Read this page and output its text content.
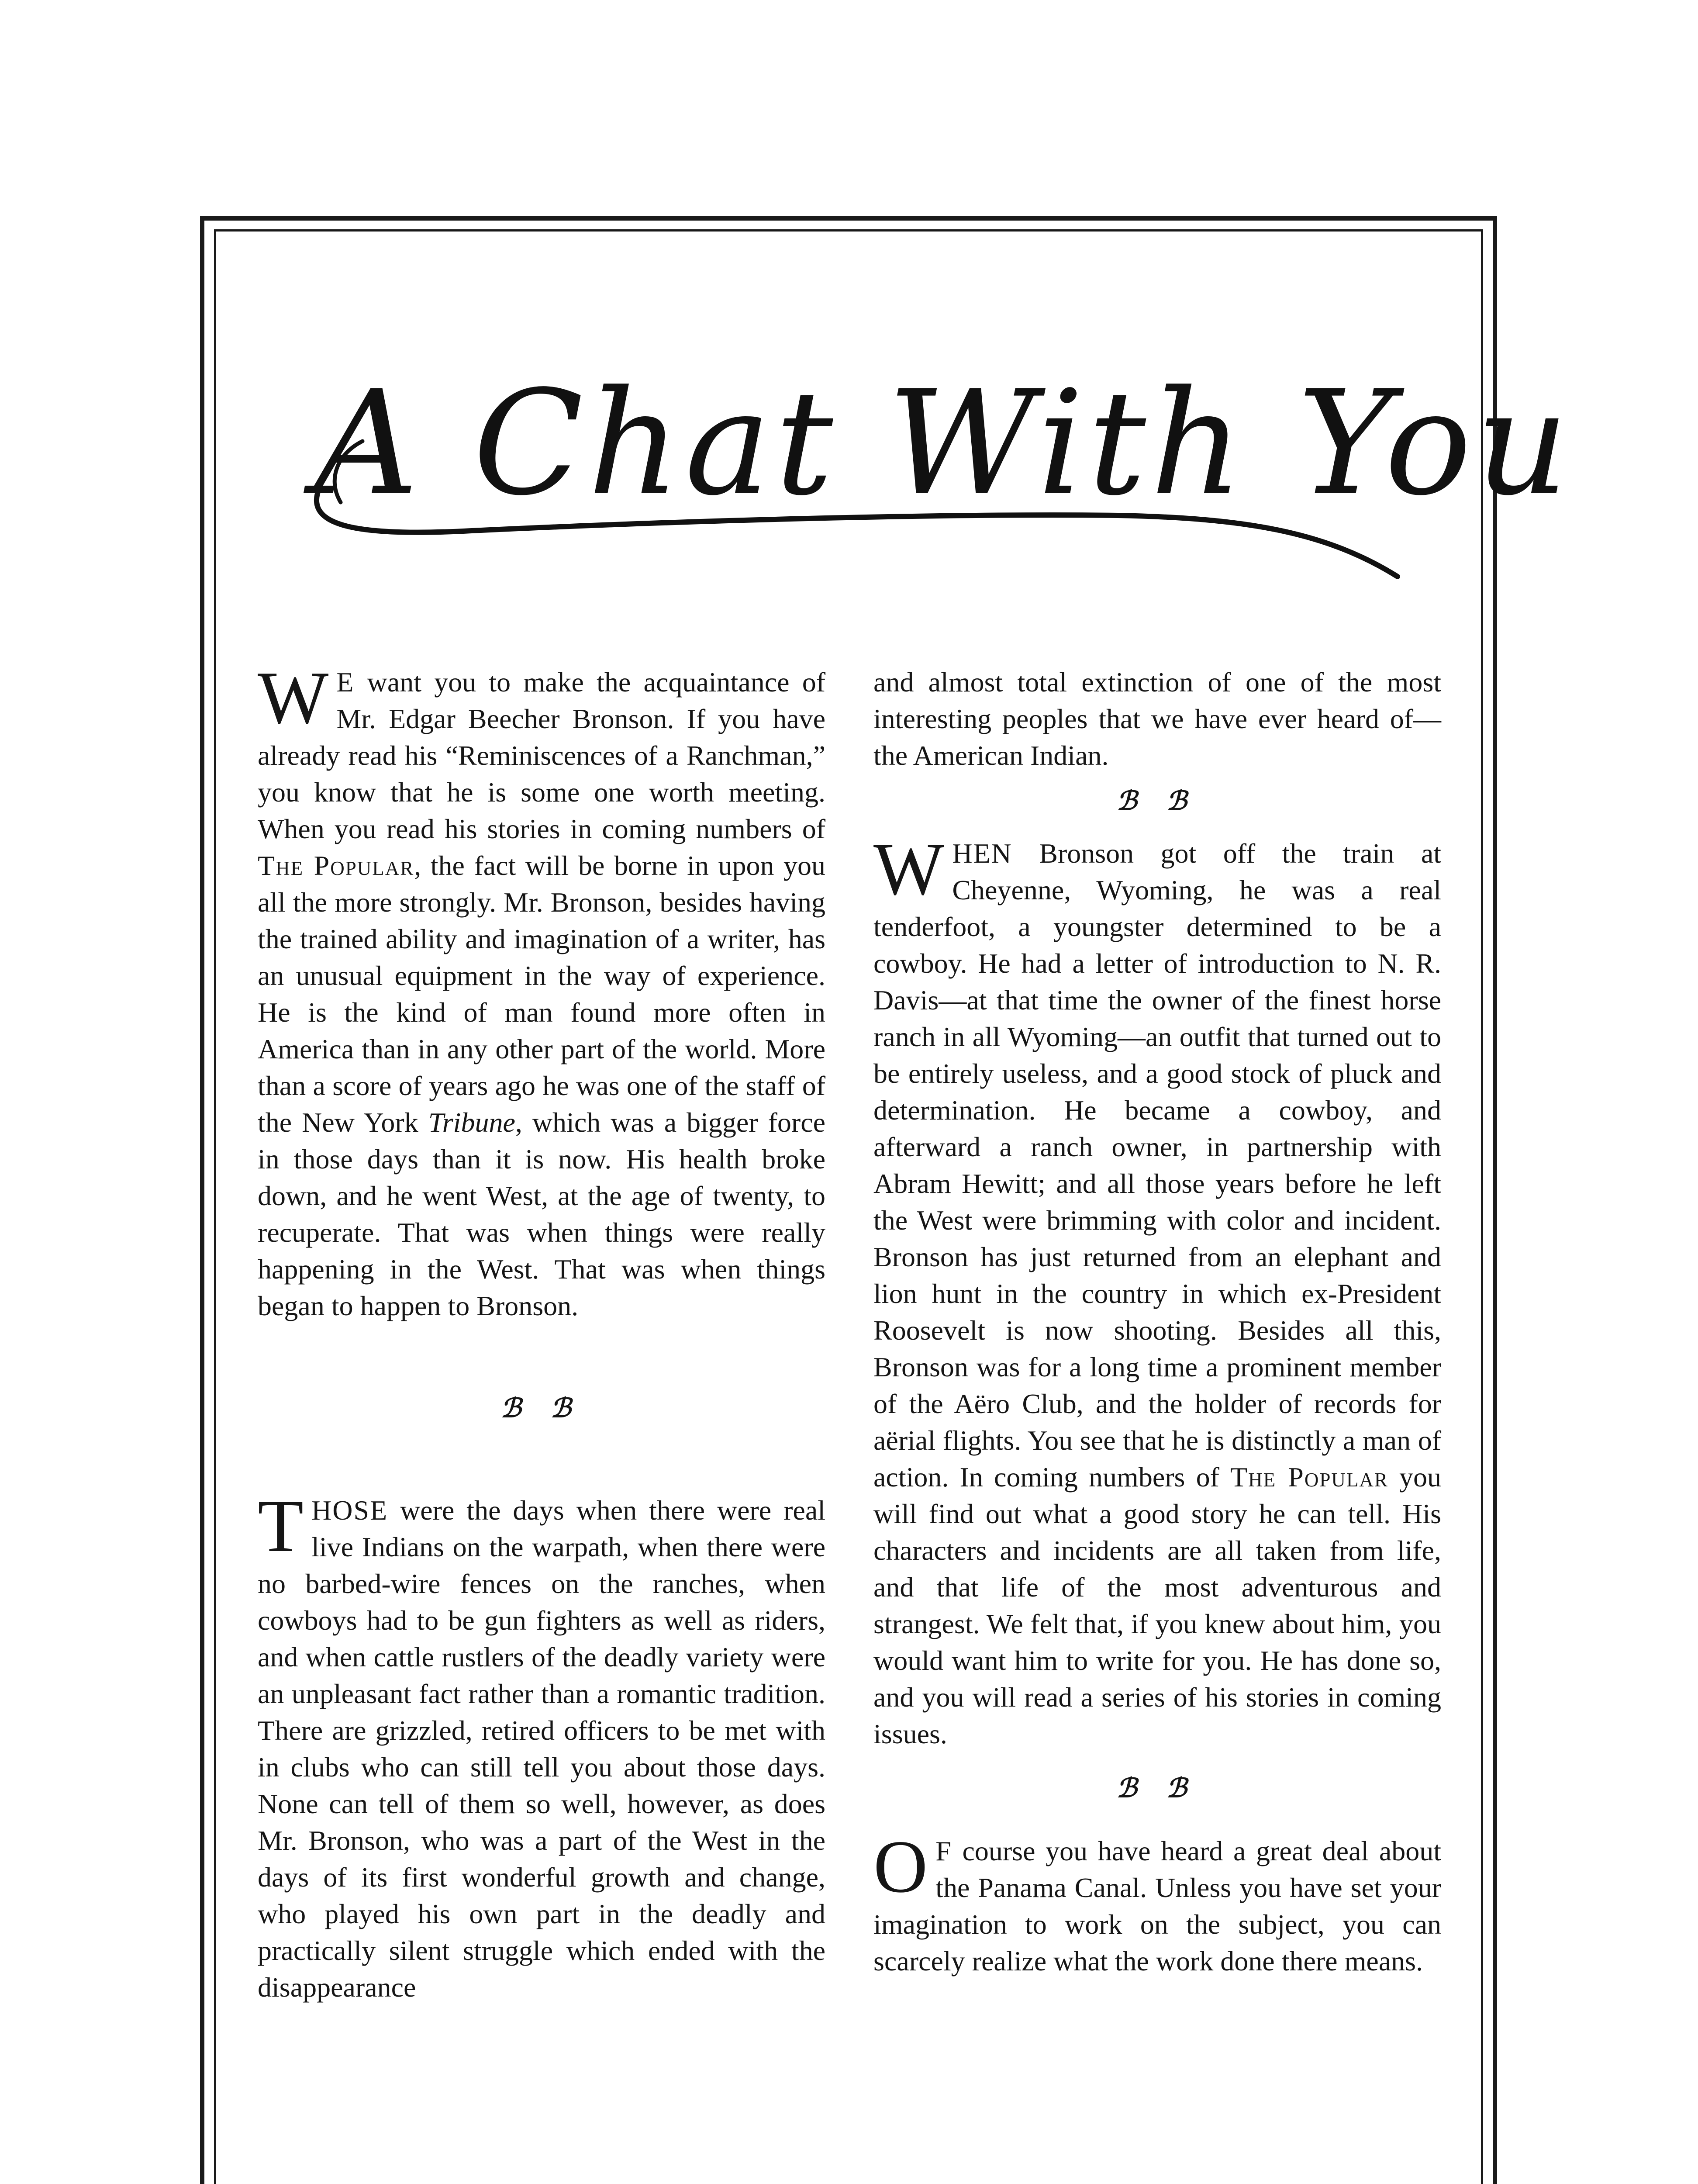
A Chat With You

W E want you to make the acquaintance of Mr. Edgar Beecher Bronson. If you have already read his “Reminiscences of a Ranchman,” you know that he is some one worth meeting. When you read his stories in coming numbers of The Popular, the fact will be borne in upon you all the more strongly. Mr. Bronson, besides having the trained ability and imagination of a writer, has an unusual equipment in the way of experience. He is the kind of man found more often in America than in any other part of the world. More than a score of years ago he was one of the staff of the New York Tribune, which was a bigger force in those days than it is now. His health broke down, and he went West, at the age of twenty, to recuperate. That was when things were really happening in the West. That was when things began to happen to Bronson.

ℬ ℬ

THOSE were the days when there were real live Indians on the warpath, when there were no barbed-wire fences on the ranches, when cowboys had to be gun fighters as well as riders, and when cattle rustlers of the deadly variety were an unpleasant fact rather than a romantic tradition. There are grizzled, retired officers to be met with in clubs who can still tell you about those days. None can tell of them so well, however, as does Mr. Bronson, who was a part of the West in the days of its first wonderful growth and change, who played his own part in the deadly and practically silent struggle which ended with the disappearance

and almost total extinction of one of the most interesting peoples that we have ever heard of—the American Indian.

ℬ ℬ

WHEN Bronson got off the train at Cheyenne, Wyoming, he was a real tenderfoot, a youngster determined to be a cowboy. He had a letter of introduction to N. R. Davis—at that time the owner of the finest horse ranch in all Wyoming—an outfit that turned out to be entirely useless, and a good stock of pluck and determination. He became a cowboy, and afterward a ranch owner, in partnership with Abram Hewitt; and all those years before he left the West were brimming with color and incident. Bronson has just returned from an elephant and lion hunt in the country in which ex-President Roosevelt is now shooting. Besides all this, Bronson was for a long time a prominent member of the Aëro Club, and the holder of records for aërial flights. You see that he is distinctly a man of action. In coming numbers of The Popular you will find out what a good story he can tell. His characters and incidents are all taken from life, and that life of the most adventurous and strangest. We felt that, if you knew about him, you would want him to write for you. He has done so, and you will read a series of his stories in coming issues.

ℬ ℬ

O F course you have heard a great deal about the Panama Canal. Unless you have set your imagination to work on the subject, you can scarcely realize what the work done there means.
